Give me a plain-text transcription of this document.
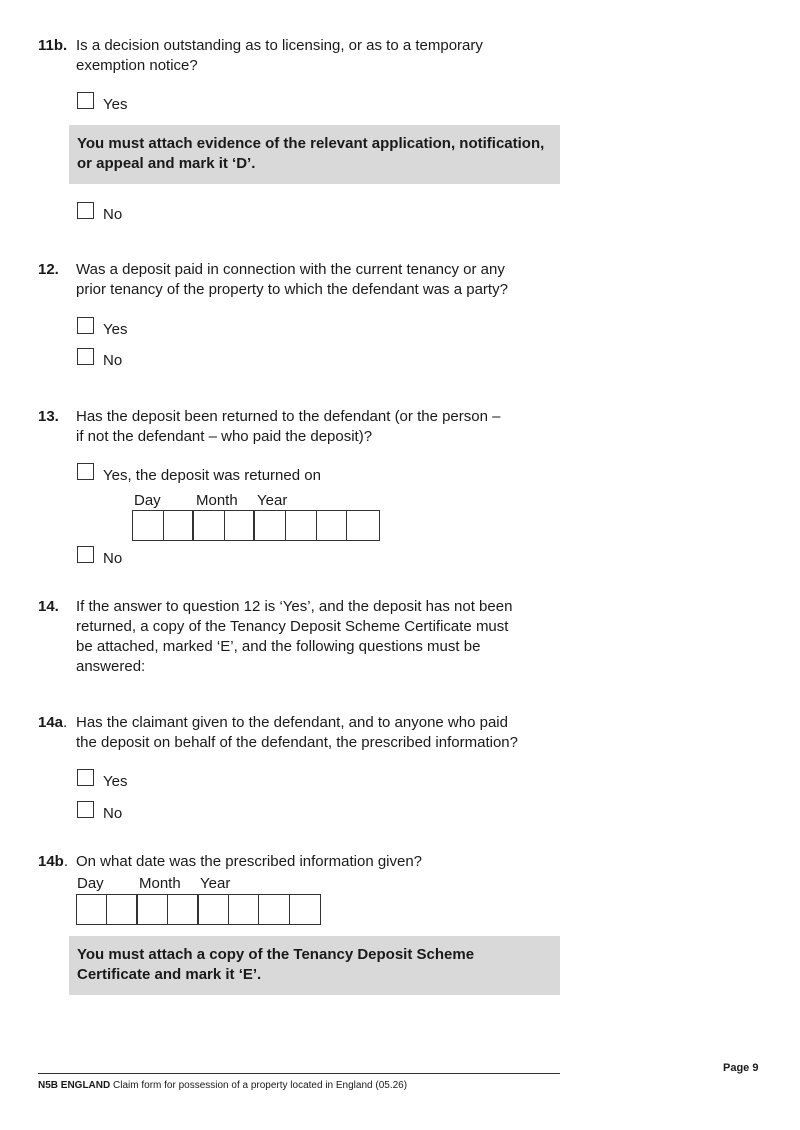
11b. Is a decision outstanding as to licensing, or as to a temporary
exemption notice?
Yes
You must attach evidence of the relevant application, notification,
or appeal and mark it ‘D’.
No
12. Was a deposit paid in connection with the current tenancy or any
prior tenancy of the property to which the defendant was a party?
Yes
No
13. Has the deposit been returned to the defendant (or the person –
if not the defendant – who paid the deposit)?
Yes, the deposit was returned on
Day Month Year
No
14. If the answer to question 12 is ‘Yes’, and the deposit has not been
returned, a copy of the Tenancy Deposit Scheme Certificate must
be attached, marked ‘E’, and the following questions must be
answered:
14a. Has the claimant given to the defendant, and to anyone who paid
the deposit on behalf of the defendant, the prescribed information?
Yes
No
14b. On what date was the prescribed information given?
Day Month Year
You must attach a copy of the Tenancy Deposit Scheme
Certificate and mark it ‘E’.
Page 9
N5B ENGLAND Claim form for possession of a property located in England (05.26)
